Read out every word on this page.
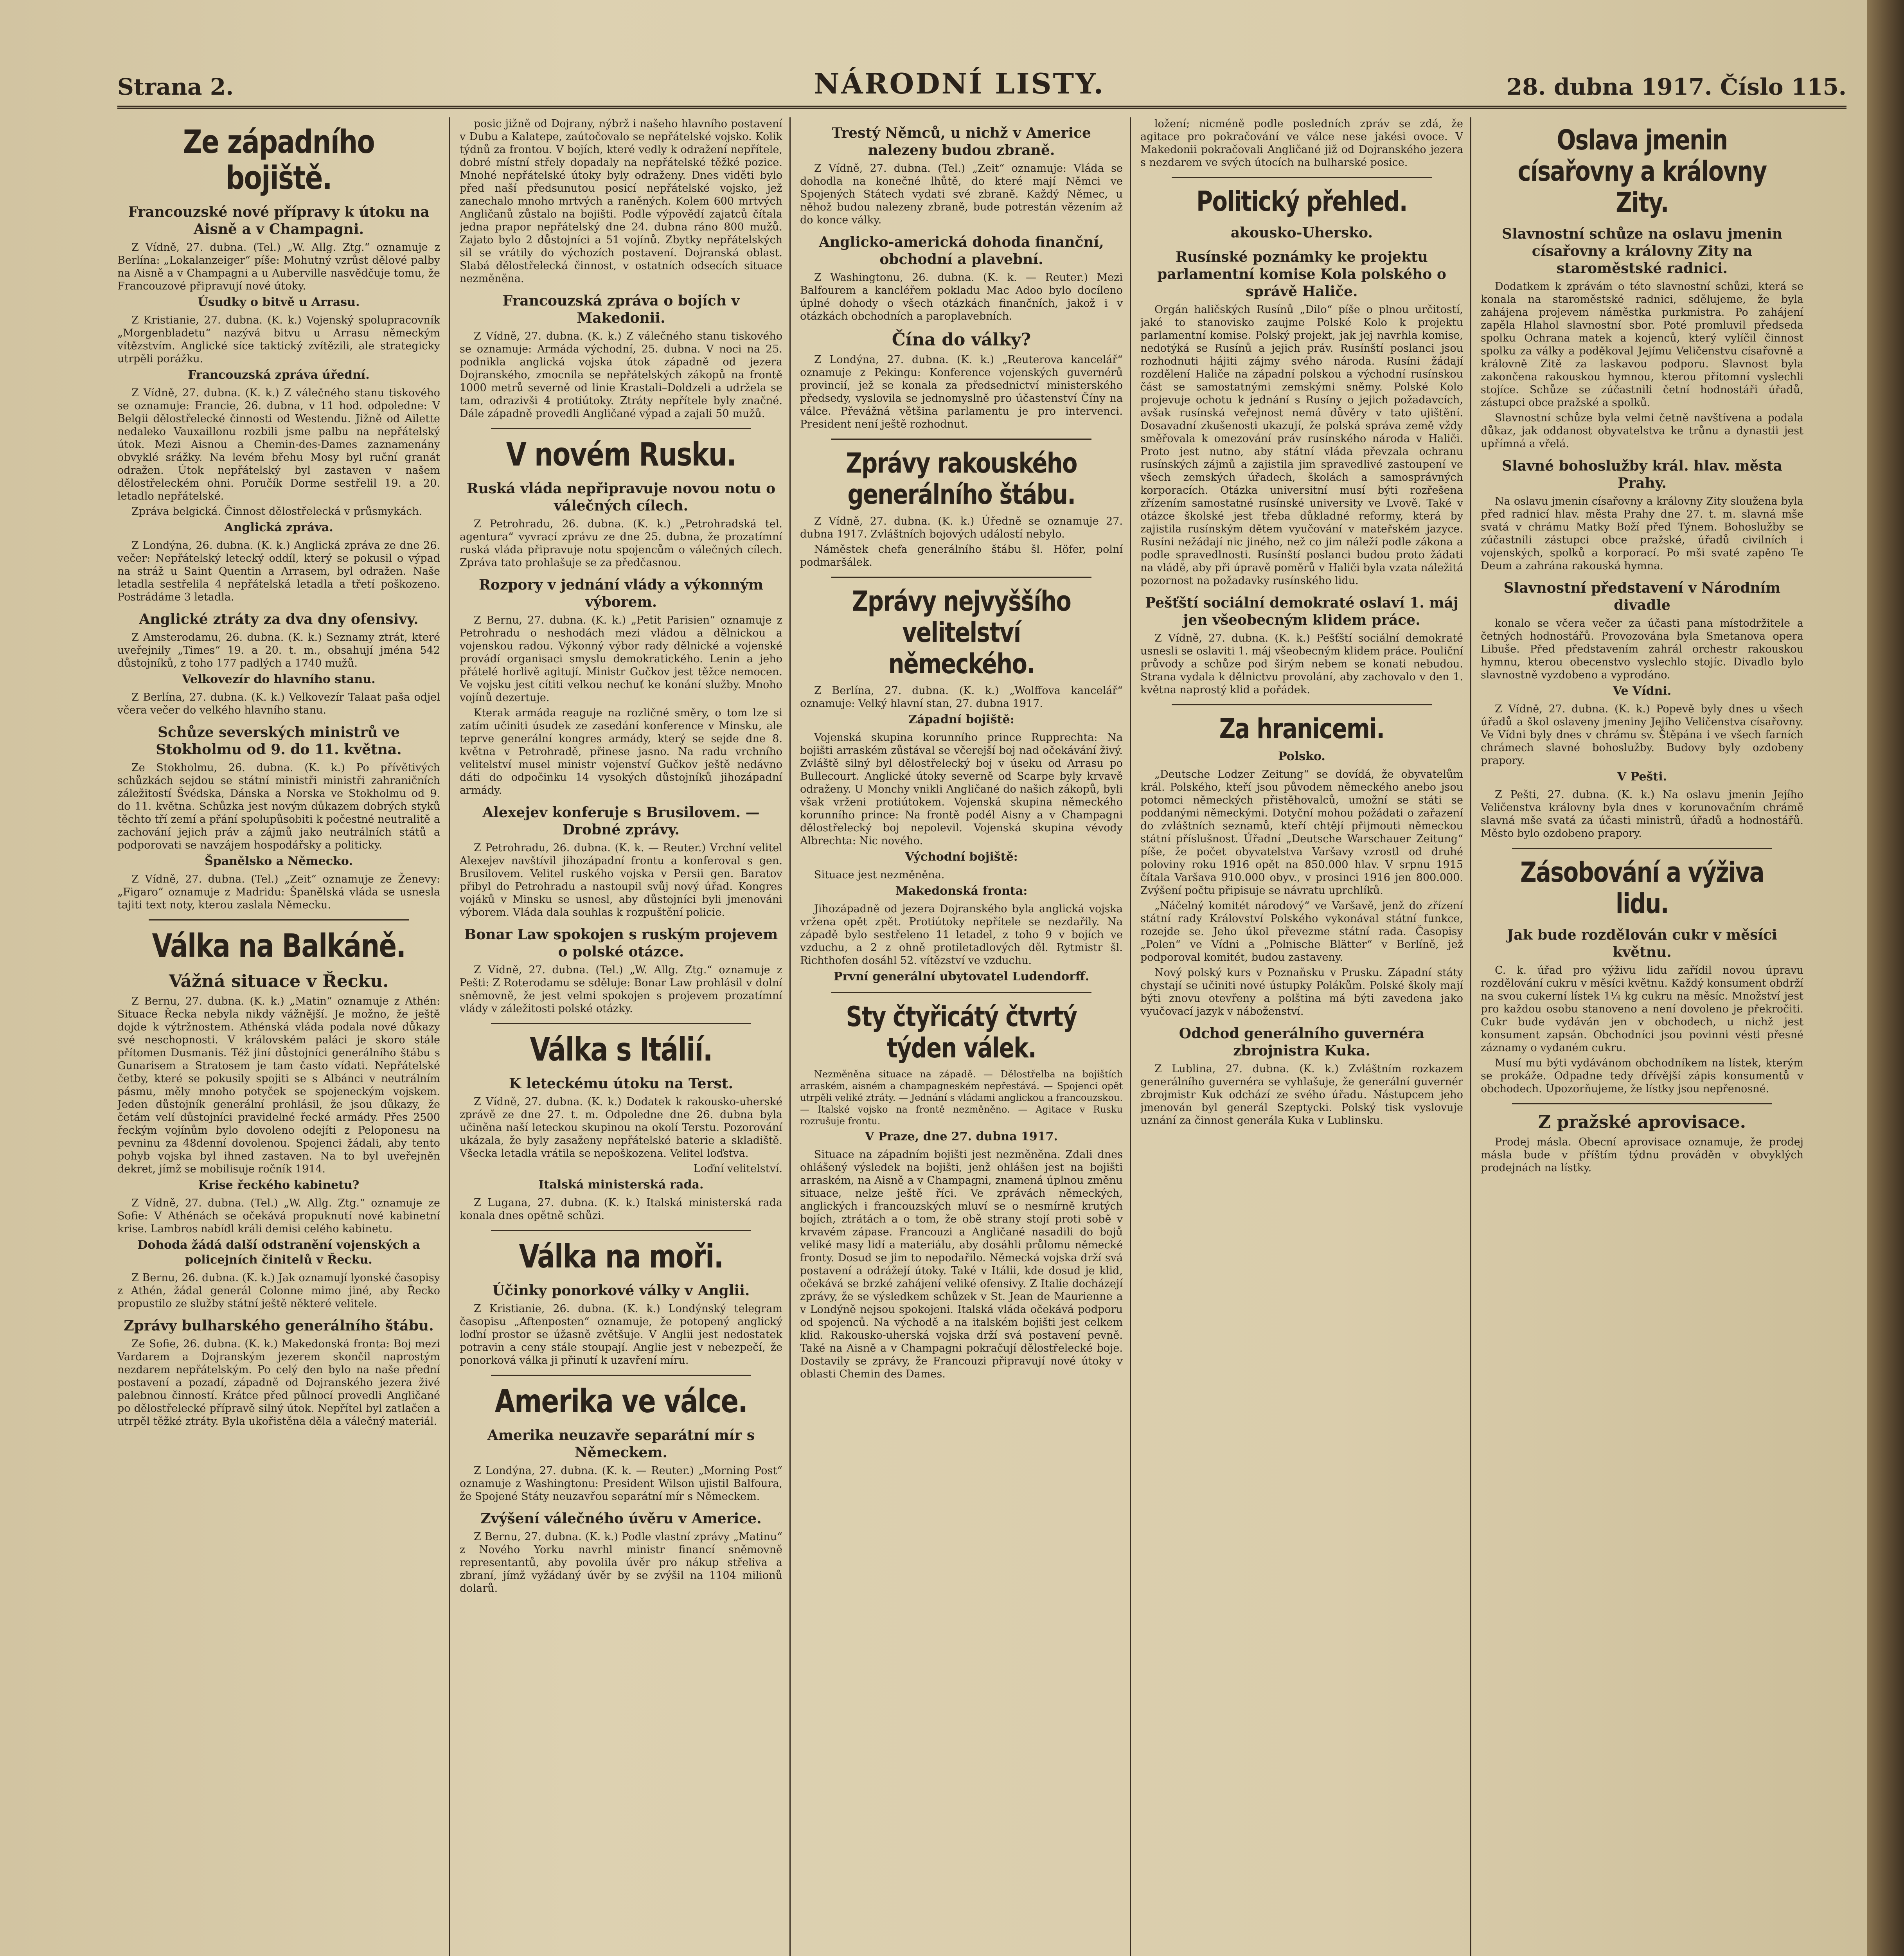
Strana 2.	NÁRODNÍ LISTY.	28. dubna 1917. Číslo 115.
Ze západního bojiště.
Francouzské nové přípravy k útoku na Aisně a v Champagni.

Z Vídně, 27. dubna. (Tel.) „W. Allg. Ztg.“ oznamuje z Berlína: „Lokalanzeiger“ píše: Mohutný vzrůst dělové palby na Aisně a v Champagni a u Auberville nasvědčuje tomu, že Francouzové připravují nové útoky.

Úsudky o bitvě u Arrasu.

Z Kristianie, 27. dubna. (K. k.) Vojenský spolupracovník „Morgenbladetu“ nazývá bitvu u Arrasu německým vítězstvím. Anglické síce taktický zvítězili, ale strategicky utrpěli porážku.

Francouzská zpráva úřední.

Z Vídně, 27. dubna. (K. k.) Z válečného stanu tiskového se oznamuje: Francie, 26. dubna, v 11 hod. odpoledne: V Belgii dělostřelecké činnosti od Westendu. Jižně od Ailette nedaleko Vauxaillonu rozbili jsme palbu na nepřátelský útok. Mezi Aisnou a Chemin-des-Dames zaznamenány obvyklé srážky. Na levém břehu Mosy byl ruční granát odražen. Útok nepřátelský byl zastaven v našem dělostřeleckém ohni. Poručík Dorme sestřelil 19. a 20. letadlo nepřátelské.

Zpráva belgická. Činnost dělostřelecká v průsmykách.

Anglická zpráva.

Z Londýna, 26. dubna. (K. k.) Anglická zpráva ze dne 26. večer: Nepřátelský letecký oddíl, který se pokusil o výpad na stráž u Saint Quentin a Arrasem, byl odražen. Naše letadla sestřelila 4 nepřátelská letadla a třetí poškozeno. Postrádáme 3 letadla.

Anglické ztráty za dva dny ofensivy.

Z Amsterodamu, 26. dubna. (K. k.) Seznamy ztrát, které uveřejnily „Times“ 19. a 20. t. m., obsahují jména 542 důstojníků, z toho 177 padlých a 1740 mužů.

Velkovezír do hlavního stanu.

Z Berlína, 27. dubna. (K. k.) Velkovezír Talaat paša odjel včera večer do velkého hlavního stanu.

Schůze severských ministrů ve Stokholmu od 9. do 11. května.

Ze Stokholmu, 26. dubna. (K. k.) Po přívětivých schůzkách sejdou se státní ministři ministři zahraničních záležitostí Švédska, Dánska a Norska ve Stokholmu od 9. do 11. května. Schůzka jest novým důkazem dobrých styků těchto tří zemí a přání spolupůsobiti k počestné neutralitě a zachování jejich práv a zájmů jako neutrálních států a podporovati se navzájem hospodářsky a politicky.

Španělsko a Německo.

Z Vídně, 27. dubna. (Tel.) „Zeit“ oznamuje ze Ženevy: „Figaro“ oznamuje z Madridu: Španělská vláda se usnesla tajiti text noty, kterou zaslala Německu.

Válka na Balkáně.
Vážná situace v Řecku.

Z Bernu, 27. dubna. (K. k.) „Matin“ oznamuje z Athén: Situace Řecka nebyla nikdy vážnější. Je možno, že ještě dojde k výtržnostem. Athénská vláda podala nové důkazy své neschopnosti. V královském paláci je skoro stále přítomen Dusmanis. Též jiní důstojníci generálního štábu s Gunarisem a Stratosem je tam často vídati. Nepřátelské četby, které se pokusily spojiti se s Albánci v neutrálním pásmu, měly mnoho potyček se spojeneckým vojskem. Jeden důstojník generální prohlásil, že jsou důkazy, že četám velí důstojníci pravidelné řecké armády. Přes 2500 řeckým vojínům bylo dovoleno odejíti z Peloponesu na pevninu za 48denní dovolenou. Spojenci žádali, aby tento pohyb vojska byl ihned zastaven. Na to byl uveřejněn dekret, jímž se mobilisuje ročník 1914.

Krise řeckého kabinetu?

Z Vídně, 27. dubna. (Tel.) „W. Allg. Ztg.“ oznamuje ze Sofie: V Athénách se očekává propuknutí nové kabinetní krise. Lambros nabídl králi demisi celého kabinetu.

Dohoda žádá další odstranění vojenských a policejních činitelů v Řecku.

Z Bernu, 26. dubna. (K. k.) Jak oznamují lyonské časopisy z Athén, žádal generál Colonne mimo jiné, aby Řecko propustilo ze služby státní ještě některé velitele.

Zprávy bulharského generálního štábu.

Ze Sofie, 26. dubna. (K. k.) Makedonská fronta: Boj mezi Vardarem a Dojranským jezerem skončil naprostým nezdarem nepřátelským. Po celý den bylo na naše přední postavení a pozadí, západně od Dojranského jezera živé palebnou činností. Krátce před půlnocí provedli Angličané po dělostřelecké přípravě silný útok. Nepřítel byl zatlačen a utrpěl těžké ztráty. Byla ukořistěna děla a válečný materiál.

posic jižně od Dojrany, nýbrž i našeho hlavního postavení v Dubu a Kalatepe, zaútočovalo se nepřátelské vojsko. Kolik týdnů za frontou. V bojích, které vedly k odražení nepřítele, dobré místní střely dopadaly na nepřátelské těžké pozice. Mnohé nepřátelské útoky byly odraženy. Dnes viděti bylo před naší předsunutou posicí nepřátelské vojsko, jež zanechalo mnoho mrtvých a raněných. Kolem 600 mrtvých Angličanů zůstalo na bojišti. Podle výpovědí zajatců čítala jedna prapor nepřátelský dne 24. dubna ráno 800 mužů. Zajato bylo 2 důstojníci a 51 vojínů. Zbytky nepřátelských sil se vrátily do výchozích postavení. Dojranská oblast. Slabá dělostřelecká činnost, v ostatních odsecích situace nezměněna.

Francouzská zpráva o bojích v Makedonii.

Z Vídně, 27. dubna. (K. k.) Z válečného stanu tiskového se oznamuje: Armáda východní, 25. dubna. V noci na 25. podnikla anglická vojska útok západně od jezera Dojranského, zmocnila se nepřátelských zákopů na frontě 1000 metrů severně od linie Krastali–Doldzeli a udržela se tam, odrazivši 4 protiútoky. Ztráty nepřítele byly značné. Dále západně provedli Angličané výpad a zajali 50 mužů.

V novém Rusku.
Ruská vláda nepřipravuje novou notu o válečných cílech.

Z Petrohradu, 26. dubna. (K. k.) „Petrohradská tel. agentura“ vyvrací zprávu ze dne 25. dubna, že prozatímní ruská vláda připravuje notu spojencům o válečných cílech. Zpráva tato prohlašuje se za předčasnou.

Rozpory v jednání vlády a výkonným výborem.

Z Bernu, 27. dubna. (K. k.) „Petit Parisien“ oznamuje z Petrohradu o neshodách mezi vládou a dělnickou a vojenskou radou. Výkonný výbor rady dělnické a vojenské provádí organisaci smyslu demokratického. Lenin a jeho přátelé horlivě agitují. Ministr Gučkov jest těžce nemocen. Ve vojsku jest cítiti velkou nechuť ke konání služby. Mnoho vojínů dezertuje.

Kterak armáda reaguje na rozličné směry, o tom lze si zatím učiniti úsudek ze zasedání konference v Minsku, ale teprve generální kongres armády, který se sejde dne 8. května v Petrohradě, přinese jasno. Na radu vrchního velitelství musel ministr vojenství Gučkov ještě nedávno dáti do odpočinku 14 vysokých důstojníků jihozápadní armády.

Alexejev konferuje s Brusilovem. — Drobné zprávy.

Z Petrohradu, 26. dubna. (K. k. — Reuter.) Vrchní velitel Alexejev navštívil jihozápadní frontu a konferoval s gen. Brusilovem. Velitel ruského vojska v Persii gen. Baratov přibyl do Petrohradu a nastoupil svůj nový úřad. Kongres vojáků v Minsku se usnesl, aby důstojníci byli jmenováni výborem. Vláda dala souhlas k rozpuštění policie.

Bonar Law spokojen s ruským projevem o polské otázce.

Z Vídně, 27. dubna. (Tel.) „W. Allg. Ztg.“ oznamuje z Pešti: Z Roterodamu se sděluje: Bonar Law prohlásil v dolní sněmovně, že jest velmi spokojen s projevem prozatímní vlády v záležitosti polské otázky.

Válka s Itálií.
K leteckému útoku na Terst.

Z Vídně, 27. dubna. (K. k.) Dodatek k rakousko-uherské zprávě ze dne 27. t. m. Odpoledne dne 26. dubna byla učiněna naší leteckou skupinou na okolí Terstu. Pozorování ukázala, že byly zasaženy nepřátelské baterie a skladiště. Všecka letadla vrátila se nepoškozena. Velitel loďstva.

Loďní velitelství.

Italská ministerská rada.

Z Lugana, 27. dubna. (K. k.) Italská ministerská rada konala dnes opětně schůzi.

Válka na moři.
Účinky ponorkové války v Anglii.

Z Kristianie, 26. dubna. (K. k.) Londýnský telegram časopisu „Aftenposten“ oznamuje, že potopený anglický loďní prostor se úžasně zvětšuje. V Anglii jest nedostatek potravin a ceny stále stoupají. Anglie jest v nebezpečí, že ponorková válka ji přinutí k uzavření míru.

Amerika ve válce.
Amerika neuzavře separátní mír s Německem.

Z Londýna, 27. dubna. (K. k. — Reuter.) „Morning Post“ oznamuje z Washingtonu: President Wilson ujistil Balfoura, že Spojené Státy neuzavřou separátní mír s Německem.

Zvýšení válečného úvěru v Americe.

Z Bernu, 27. dubna. (K. k.) Podle vlastní zprávy „Matinu“ z Nového Yorku navrhl ministr financí sněmovně representantů, aby povolila úvěr pro nákup střeliva a zbraní, jímž vyžádaný úvěr by se zvýšil na 1104 milionů dolarů.

Trestý Němců, u nichž v Americe nalezeny budou zbraně.

Z Vídně, 27. dubna. (Tel.) „Zeit“ oznamuje: Vláda se dohodla na konečné lhůtě, do které mají Němci ve Spojených Státech vydati své zbraně. Každý Němec, u něhož budou nalezeny zbraně, bude potrestán vězením až do konce války.

Anglicko-americká dohoda finanční, obchodní a plavební.

Z Washingtonu, 26. dubna. (K. k. — Reuter.) Mezi Balfourem a kancléřem pokladu Mac Adoo bylo docíleno úplné dohody o všech otázkách finančních, jakož i v otázkách obchodních a paroplavebních.

Čína do války?

Z Londýna, 27. dubna. (K. k.) „Reuterova kancelář“ oznamuje z Pekingu: Konference vojenských guvernérů provincií, jež se konala za předsednictví ministerského předsedy, vyslovila se jednomyslně pro účastenství Číny na válce. Převážná většina parlamentu je pro intervenci. President není ještě rozhodnut.

Zprávy rakouského generálního štábu.

Z Vídně, 27. dubna. (K. k.) Úředně se oznamuje 27. dubna 1917. Zvláštních bojových událostí nebylo.

Náměstek chefa generálního štábu šl. Höfer, polní podmaršálek.

Zprávy nejvyššího velitelství německého.

Z Berlína, 27. dubna. (K. k.) „Wolffova kancelář“ oznamuje: Velký hlavní stan, 27. dubna 1917.

Západní bojiště:

Vojenská skupina korunního prince Rupprechta: Na bojišti arraském zůstával se včerejší boj nad očekávání živý. Zvláště silný byl dělostřelecký boj v úseku od Arrasu po Bullecourt. Anglické útoky severně od Scarpe byly krvavě odraženy. U Monchy vnikli Angličané do našich zákopů, byli však vrženi protiútokem. Vojenská skupina německého korunního prince: Na frontě podél Aisny a v Champagni dělostřelecký boj nepolevil. Vojenská skupina vévody Albrechta: Nic nového.

Východní bojiště:

Situace jest nezměněna.

Makedonská fronta:

Jihozápadně od jezera Dojranského byla anglická vojska vržena opět zpět. Protiútoky nepřítele se nezdařily. Na západě bylo sestřeleno 11 letadel, z toho 9 v bojích ve vzduchu, a 2 z ohně protiletadlových děl. Rytmistr šl. Richthofen dosáhl 52. vítězství ve vzduchu.

První generální ubytovatel Ludendorff.
Sty čtyřicátý čtvrtý týden válek.

Nezměněna situace na západě. — Dělostřelba na bojištích arraském, aisném a champagneském nepřestává. — Spojenci opět utrpěli veliké ztráty. — Jednání s vládami anglickou a francouzskou. — Italské vojsko na frontě nezměněno. — Agitace v Rusku rozrušuje frontu.

V Praze, dne 27. dubna 1917.

Situace na západním bojišti jest nezměněna. Zdali dnes ohlášený výsledek na bojišti, jenž ohlášen jest na bojišti arraském, na Aisně a v Champagni, znamená úplnou změnu situace, nelze ještě říci. Ve zprávách německých, anglických i francouzských mluví se o nesmírně krutých bojích, ztrátách a o tom, že obě strany stojí proti sobě v krvavém zápase. Francouzi a Angličané nasadili do bojů veliké masy lidí a materiálu, aby dosáhli průlomu německé fronty. Dosud se jim to nepodařilo. Německá vojska drží svá postavení a odrážejí útoky. Také v Itálii, kde dosud je klid, očekává se brzké zahájení veliké ofensivy. Z Italie docházejí zprávy, že se výsledkem schůzek v St. Jean de Maurienne a v Londýně nejsou spokojeni. Italská vláda očekává podporu od spojenců. Na východě a na italském bojišti jest celkem klid. Rakousko-uherská vojska drží svá postavení pevně. Také na Aisně a v Champagni pokračují dělostřelecké boje. Dostavily se zprávy, že Francouzi připravují nové útoky v oblasti Chemin des Dames.

ložení; nicméně podle posledních zpráv se zdá, že agitace pro pokračování ve válce nese jakési ovoce. V Makedonii pokračovali Angličané již od Dojranského jezera s nezdarem ve svých útocích na bulharské posice.

Politický přehled.
akousko-Uhersko.
Rusínské poznámky ke projektu parlamentní komise Kola polského o správě Haliče.

Orgán haličských Rusínů „Dilo“ píše o plnou určitostí, jaké to stanovisko zaujme Polské Kolo k projektu parlamentní komise. Polský projekt, jak jej navrhla komise, nedotýká se Rusínů a jejich práv. Rusínští poslanci jsou rozhodnuti hájiti zájmy svého národa. Rusíni žádají rozdělení Haliče na západní polskou a východní rusínskou část se samostatnými zemskými sněmy. Polské Kolo projevuje ochotu k jednání s Rusíny o jejich požadavcích, avšak rusínská veřejnost nemá důvěry v tato ujištění. Dosavadní zkušenosti ukazují, že polská správa země vždy směřovala k omezování práv rusínského národa v Haliči. Proto jest nutno, aby státní vláda převzala ochranu rusínských zájmů a zajistila jim spravedlivé zastoupení ve všech zemských úřadech, školách a samosprávných korporacích. Otázka universitní musí býti rozřešena zřízením samostatné rusínské university ve Lvově. Také v otázce školské jest třeba důkladné reformy, která by zajistila rusínským dětem vyučování v mateřském jazyce. Rusíni nežádají nic jiného, než co jim náleží podle zákona a podle spravedlnosti. Rusínští poslanci budou proto žádati na vládě, aby při úpravě poměrů v Haliči byla vzata náležitá pozornost na požadavky rusínského lidu.

Pešťští sociální demokraté oslaví 1. máj jen všeobecným klidem práce.

Z Vídně, 27. dubna. (K. k.) Pešťští sociální demokraté usnesli se oslaviti 1. máj všeobecným klidem práce. Pouliční průvody a schůze pod širým nebem se konati nebudou. Strana vydala k dělnictvu provolání, aby zachovalo v den 1. května naprostý klid a pořádek.

Za hranicemi.
Polsko.

„Deutsche Lodzer Zeitung“ se dovídá, že obyvatelům král. Polského, kteří jsou původem německého anebo jsou potomci německých přistěhovalců, umožní se státi se poddanými německými. Dotyční mohou požádati o zařazení do zvláštních seznamů, kteří chtějí přijmouti německou státní příslušnost. Úřadní „Deutsche Warschauer Zeitung“ píše, že počet obyvatelstva Varšavy vzrostl od druhé poloviny roku 1916 opět na 850.000 hlav. V srpnu 1915 čítala Varšava 910.000 obyv., v prosinci 1916 jen 800.000. Zvýšení počtu připisuje se návratu uprchlíků.

„Náčelný komitét národový“ ve Varšavě, jenž do zřízení státní rady Království Polského vykonával státní funkce, rozejde se. Jeho úkol převezme státní rada. Časopisy „Polen“ ve Vídni a „Polnische Blätter“ v Berlíně, jež podporoval komitét, budou zastaveny.

Nový polský kurs v Poznaňsku v Prusku. Západní státy chystají se učiniti nové ústupky Polákům. Polské školy mají býti znovu otevřeny a polština má býti zavedena jako vyučovací jazyk v náboženství.

Odchod generálního guvernéra zbrojnistra Kuka.

Z Lublina, 27. dubna. (K. k.) Zvláštním rozkazem generálního guvernéra se vyhlašuje, že generální guvernér zbrojmistr Kuk odchází ze svého úřadu. Nástupcem jeho jmenován byl generál Szeptycki. Polský tisk vyslovuje uznání za činnost generála Kuka v Lublinsku.

Oslava jmenin císařovny a královny Zity.
Slavnostní schůze na oslavu jmenin císařovny a královny Zity na staroměstské radnici.

Dodatkem k zprávám o této slavnostní schůzi, která se konala na staroměstské radnici, sdělujeme, že byla zahájena projevem náměstka purkmistra. Po zahájení zapěla Hlahol slavnostní sbor. Poté promluvil předseda spolku Ochrana matek a kojenců, který vylíčil činnost spolku za války a poděkoval Jejímu Veličenstvu císařovně a královně Zitě za laskavou podporu. Slavnost byla zakončena rakouskou hymnou, kterou přítomní vyslechli stojíce. Schůze se zúčastnili četní hodnostáři úřadů, zástupci obce pražské a spolků.

Slavnostní schůze byla velmi četně navštívena a podala důkaz, jak oddanost obyvatelstva ke trůnu a dynastii jest upřímná a vřelá.

Slavné bohoslužby král. hlav. města Prahy.

Na oslavu jmenin císařovny a královny Zity sloužena byla před radnicí hlav. města Prahy dne 27. t. m. slavná mše svatá v chrámu Matky Boží před Týnem. Bohoslužby se zúčastnili zástupci obce pražské, úřadů civilních i vojenských, spolků a korporací. Po mši svaté zapěno Te Deum a zahrána rakouská hymna.

Slavnostní představení v Národním divadle

konalo se včera večer za účasti pana místodržitele a četných hodnostářů. Provozována byla Smetanova opera Libuše. Před představením zahrál orchestr rakouskou hymnu, kterou obecenstvo vyslechlo stojíc. Divadlo bylo slavnostně vyzdobeno a vyprodáno.

Ve Vídni.

Z Vídně, 27. dubna. (K. k.) Popevě byly dnes u všech úřadů a škol oslaveny jmeniny Jejího Veličenstva císařovny. Ve Vídni byly dnes v chrámu sv. Štěpána i ve všech farních chrámech slavné bohoslužby. Budovy byly ozdobeny prapory.

V Pešti.

Z Pešti, 27. dubna. (K. k.) Na oslavu jmenin Jejího Veličenstva královny byla dnes v korunovačním chrámě slavná mše svatá za účasti ministrů, úřadů a hodnostářů. Město bylo ozdobeno prapory.

Zásobování a výživa lidu.
Jak bude rozdělován cukr v měsíci květnu.

C. k. úřad pro výživu lidu zařídil novou úpravu rozdělování cukru v měsíci květnu. Každý konsument obdrží na svou cukerní lístek 1¼ kg cukru na měsíc. Množství jest pro každou osobu stanoveno a není dovoleno je překročiti. Cukr bude vydáván jen v obchodech, u nichž jest konsument zapsán. Obchodníci jsou povinni vésti přesné záznamy o vydaném cukru.

Musí mu býti vydávánom obchodníkem na lístek, kterým se prokáže. Odpadne tedy dřívější zápis konsumentů v obchodech. Upozorňujeme, že lístky jsou nepřenosné.

Z pražské aprovisace.

Prodej másla. Obecní aprovisace oznamuje, že prodej másla bude v příštím týdnu prováděn v obvyklých prodejnách na lístky.
